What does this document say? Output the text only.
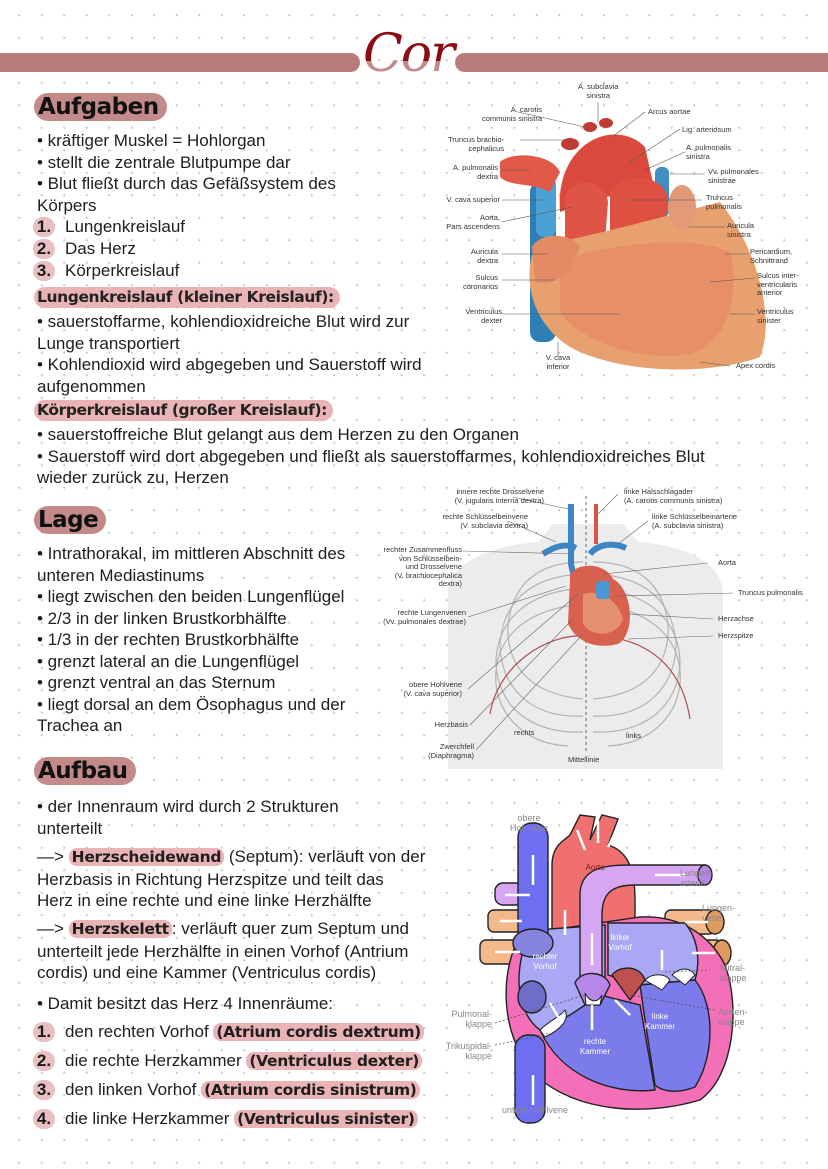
Cor
Aufgaben
• kräftiger Muskel = Hohlorgan
• stellt die zentrale Blutpumpe dar
• Blut fließt durch das Gefäßsystem des
Körpers
1. Lungenkreislauf
2. Das Herz
3. Körperkreislauf
Lungenkreislauf (kleiner Kreislauf):
• sauerstoffarme, kohlendioxidreiche Blut wird zur
Lunge transportiert
• Kohlendioxid wird abgegeben und Sauerstoff wird
aufgenommen
Körperkreislauf (großer Kreislauf):
• sauerstoffreiche Blut gelangt aus dem Herzen zu den Organen
• Sauerstoff wird dort abgegeben und fließt als sauerstoffarmes, kohlendioxidreiches Blut
wieder zurück zu, Herzen
A. subclavia
sinistra
A. carotis
communis sinistra
Truncus brachio-
cephalicus
A. pulmonalis
dextra
V. cava superior
Aorta,
Pars ascendens
Auricula
dextra
Sulcus
coronarius
Ventriculus
dexter
V. cava
inferior
Arcus aortae
Lig. arteriosum
A. pulmonalis
sinistra
Vv. pulmonales
sinistrae
Truncus
pulmonalis
Auricula
sinistra
Pericardium,
Schnittrand
Sulcus inter-
ventricularis
anterior
Ventriculus
sinister
Apex cordis
Lage
• Intrathorakal, im mittleren Abschnitt des
unteren Mediastinums
• liegt zwischen den beiden Lungenflügel
• 2/3 in der linken Brustkorbhälfte
• 1/3 in der rechten Brustkorbhälfte
• grenzt lateral an die Lungenflügel
• grenzt ventral an das Sternum
• liegt dorsal an dem Ösophagus und der
Trachea an
innere rechte Drosselvene
(V. jugularis interna dextra)
rechte Schlüsselbeinvene
(V. subclavia dextra)
rechter Zusammenfluss
von Schlüsselbein-
und Drosselvene
(V. brachiocephalica
dextra)
rechte Lungenvenen
(Vv. pulmonales dextrae)
obere Hohlvene
(V. cava superior)
Herzbasis
Zwerchfell
(Diaphragma)
rechts	links
Mittellinie
linke Halsschlagader
(A. carotis communis sinistra)
linke Schlüsselbeinarterie
(A. subclavia sinistra)
Aorta
Truncus pulmonalis
Herzachse
Herzspitze
Aufbau
• der Innenraum wird durch 2 Strukturen
unterteilt
—> Herzscheidewand (Septum): verläuft von der
Herzbasis in Richtung Herzspitze und teilt das
Herz in eine rechte und eine linke Herzhälfte
—> Herzskelett : verläuft quer zum Septum und
unterteilt jede Herzhälfte in einen Vorhof (Antrium
cordis) und eine Kammer (Ventriculus cordis)
• Damit besitzt das Herz 4 Innenräume:
1. den rechten Vorhof (Atrium cordis dextrum)
2. die rechte Herzkammer (Ventriculus dexter)
3. den linken Vorhof (Atrium cordis sinistrum)
4. die linke Herzkammer (Ventriculus sinister)
obere
Hohlvene
Aorta
Lungen-
arterie
Lungen-
vene
linker
Vorhof
rechter
Vorhof	Mitral-
klappe
Aorten-
klappe
linke
Kammer
Pulmonal-
klappe
Trikuspidal-
klappe
rechte
Kammer
untere Hohlvene
